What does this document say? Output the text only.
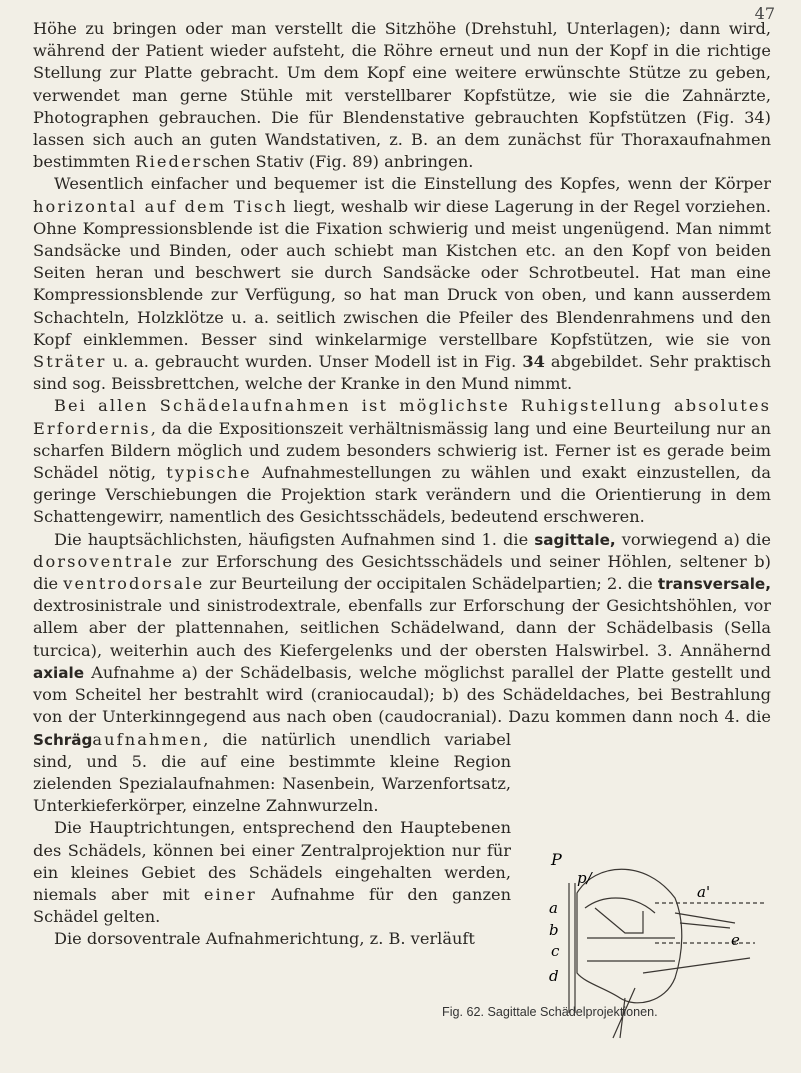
47

Höhe zu bringen oder man verstellt die Sitzhöhe (Drehstuhl, Unterlagen); dann wird, während der Patient wieder aufsteht, die Röhre erneut und nun der Kopf in die richtige Stellung zur Platte gebracht. Um dem Kopf eine weitere erwünschte Stütze zu geben, verwendet man gerne Stühle mit verstellbarer Kopfstütze, wie sie die Zahnärzte, Photographen gebrauchen. Die für Blendenstative gebrauchten Kopfstützen (Fig. 34) lassen sich auch an guten Wandstativen, z. B. an dem zunächst für Thoraxaufnahmen bestimmten Riederschen Stativ (Fig. 89) anbringen.

Wesentlich einfacher und bequemer ist die Einstellung des Kopfes, wenn der Körper horizontal auf dem Tisch liegt, weshalb wir diese Lagerung in der Regel vorziehen. Ohne Kompressionsblende ist die Fixation schwierig und meist ungenügend. Man nimmt Sandsäcke und Binden, oder auch schiebt man Kistchen etc. an den Kopf von beiden Seiten heran und beschwert sie durch Sandsäcke oder Schrotbeutel. Hat man eine Kompressionsblende zur Verfügung, so hat man Druck von oben, und kann ausserdem Schachteln, Holzklötze u. a. seitlich zwischen die Pfeiler des Blendenrahmens und den Kopf einklemmen. Besser sind winkelarmige verstellbare Kopfstützen, wie sie von Sträter u. a. gebraucht wurden. Unser Modell ist in Fig. 34 abgebildet. Sehr praktisch sind sog. Beissbrettchen, welche der Kranke in den Mund nimmt.

Bei allen Schädelaufnahmen ist möglichste Ruhigstellung absolutes Erfordernis, da die Expositionszeit verhältnismässig lang und eine Beurteilung nur an scharfen Bildern möglich und zudem besonders schwierig ist. Ferner ist es gerade beim Schädel nötig, typische Aufnahmestellungen zu wählen und exakt einzustellen, da geringe Verschiebungen die Projektion stark verändern und die Orientierung in dem Schattengewirr, namentlich des Gesichtsschädels, bedeutend erschweren.

Die hauptsächlichsten, häufigsten Aufnahmen sind 1. die sagittale, vorwiegend a) die dorsoventrale zur Erforschung des Gesichtsschädels und seiner Höhlen, seltener b) die ventrodorsale zur Beurteilung der occipitalen Schädelpartien; 2. die transversale, dextrosinistrale und sinistrodextrale, ebenfalls zur Erforschung der Gesichtshöhlen, vor allem aber der plattennahen, seitlichen Schädelwand, dann der Schädelbasis (Sella turcica), weiterhin auch des Kiefergelenks und der obersten Halswirbel. 3. Annähernd axiale Aufnahme a) der Schädelbasis, welche möglichst parallel der Platte gestellt und vom Scheitel her bestrahlt wird (craniocaudal); b) des Schädeldaches, bei Bestrahlung von der Unterkinngegend aus nach oben (caudocranial). Dazu kommen dann noch 4. die
P
p/
a'
a
b
c
d
e
Schrägaufnahmen, die natürlich unendlich variabel sind, und 5. die auf eine bestimmte kleine Region zielenden Spezialaufnahmen: Nasenbein, Warzenfortsatz, Unterkieferkörper, einzelne Zahnwurzeln.

Die Hauptrichtungen, entsprechend den Hauptebenen des Schädels, können bei einer Zentralprojektion nur für ein kleines Gebiet des Schädels eingehalten werden, niemals aber mit einer Aufnahme für den ganzen Schädel gelten.

Die dorsoventrale Aufnahmerichtung, z. B. verläuft

Fig. 62. Sagittale Schädelprojektionen.
